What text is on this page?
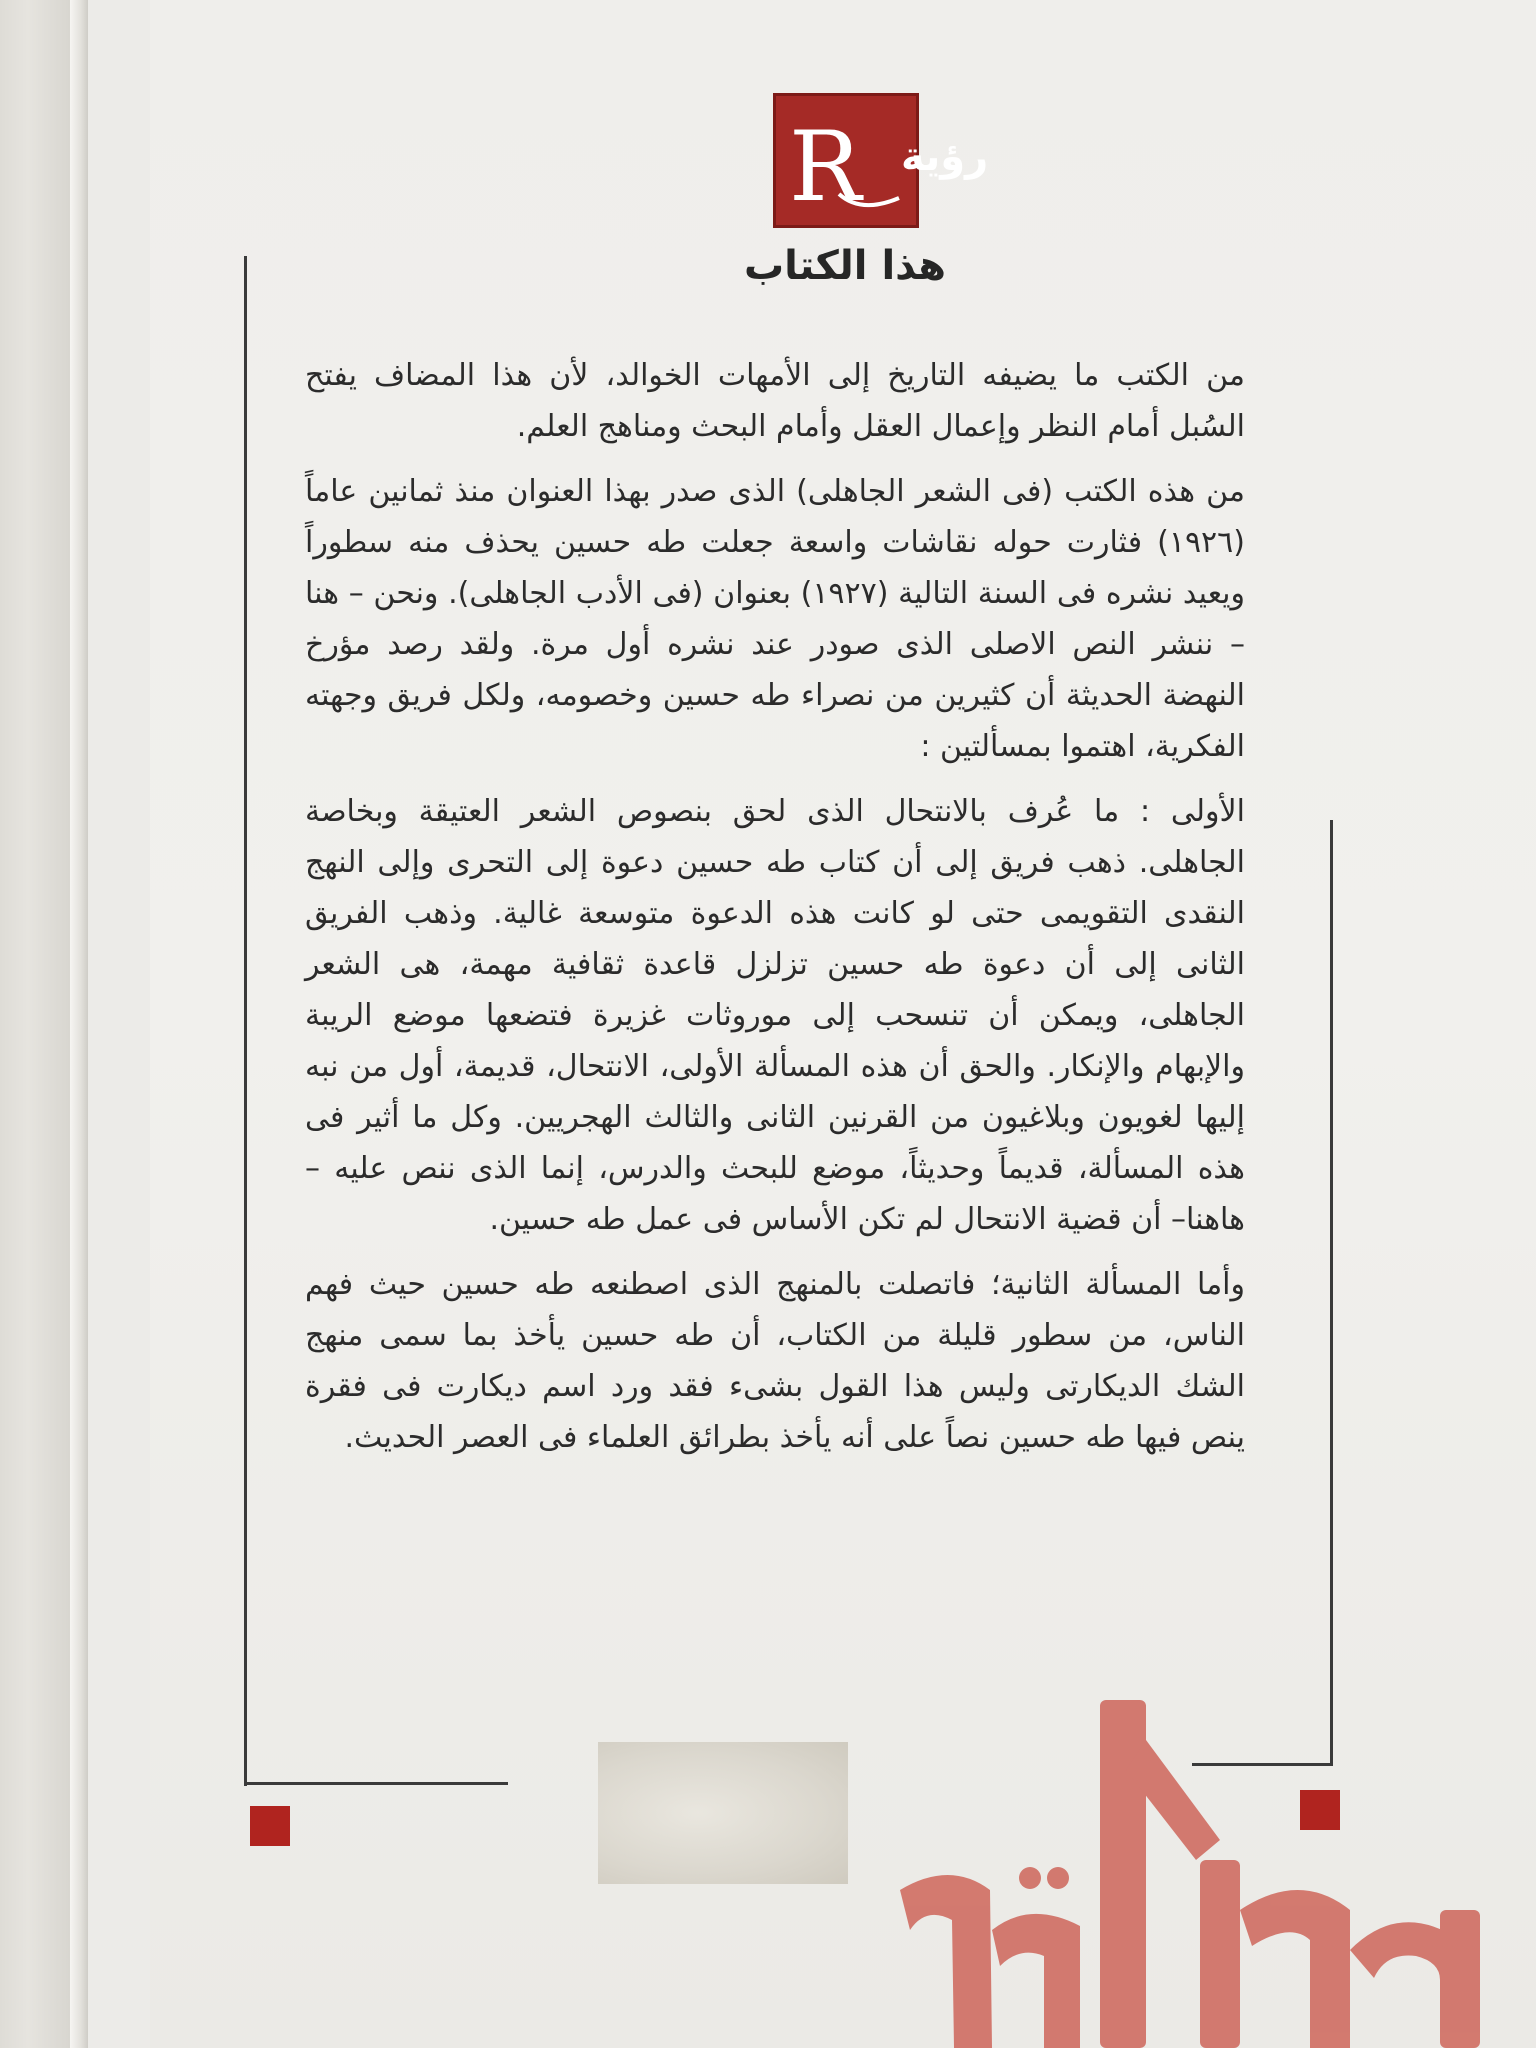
R رؤية
هذا الكتاب

من الكتب ما يضيفه التاريخ إلى الأمهات الخوالد، لأن هذا المضاف يفتح السُبل أمام النظر وإعمال العقل وأمام البحث ومناهج العلم.

من هذه الكتب (فى الشعر الجاهلى) الذى صدر بهذا العنوان منذ ثمانين عاماً (١٩٢٦) فثارت حوله نقاشات واسعة جعلت طه حسين يحذف منه سطوراً ويعيد نشره فى السنة التالية (١٩٢٧) بعنوان (فى الأدب الجاهلى). ونحن – هنا – ننشر النص الاصلى الذى صودر عند نشره أول مرة. ولقد رصد مؤرخ النهضة الحديثة أن كثيرين من نصراء طه حسين وخصومه، ولكل فريق وجهته الفكرية، اهتموا بمسألتين :

الأولى : ما عُرف بالانتحال الذى لحق بنصوص الشعر العتيقة وبخاصة الجاهلى. ذهب فريق إلى أن كتاب طه حسين دعوة إلى التحرى وإلى النهج النقدى التقويمى حتى لو كانت هذه الدعوة متوسعة غالية. وذهب الفريق الثانى إلى أن دعوة طه حسين تزلزل قاعدة ثقافية مهمة، هى الشعر الجاهلى، ويمكن أن تنسحب إلى موروثات غزيرة فتضعها موضع الريبة والإبهام والإنكار. والحق أن هذه المسألة الأولى، الانتحال، قديمة، أول من نبه إليها لغويون وبلاغيون من القرنين الثانى والثالث الهجريين. وكل ما أثير فى هذه المسألة، قديماً وحديثاً، موضع للبحث والدرس، إنما الذى ننص عليه – هاهنا– أن قضية الانتحال لم تكن الأساس فى عمل طه حسين.

وأما المسألة الثانية؛ فاتصلت بالمنهج الذى اصطنعه طه حسين حيث فهم الناس، من سطور قليلة من الكتاب، أن طه حسين يأخذ بما سمى منهج الشك الديكارتى وليس هذا القول بشىء فقد ورد اسم ديكارت فى فقرة ينص فيها طه حسين نصاً على أنه يأخذ بطرائق العلماء فى العصر الحديث.
